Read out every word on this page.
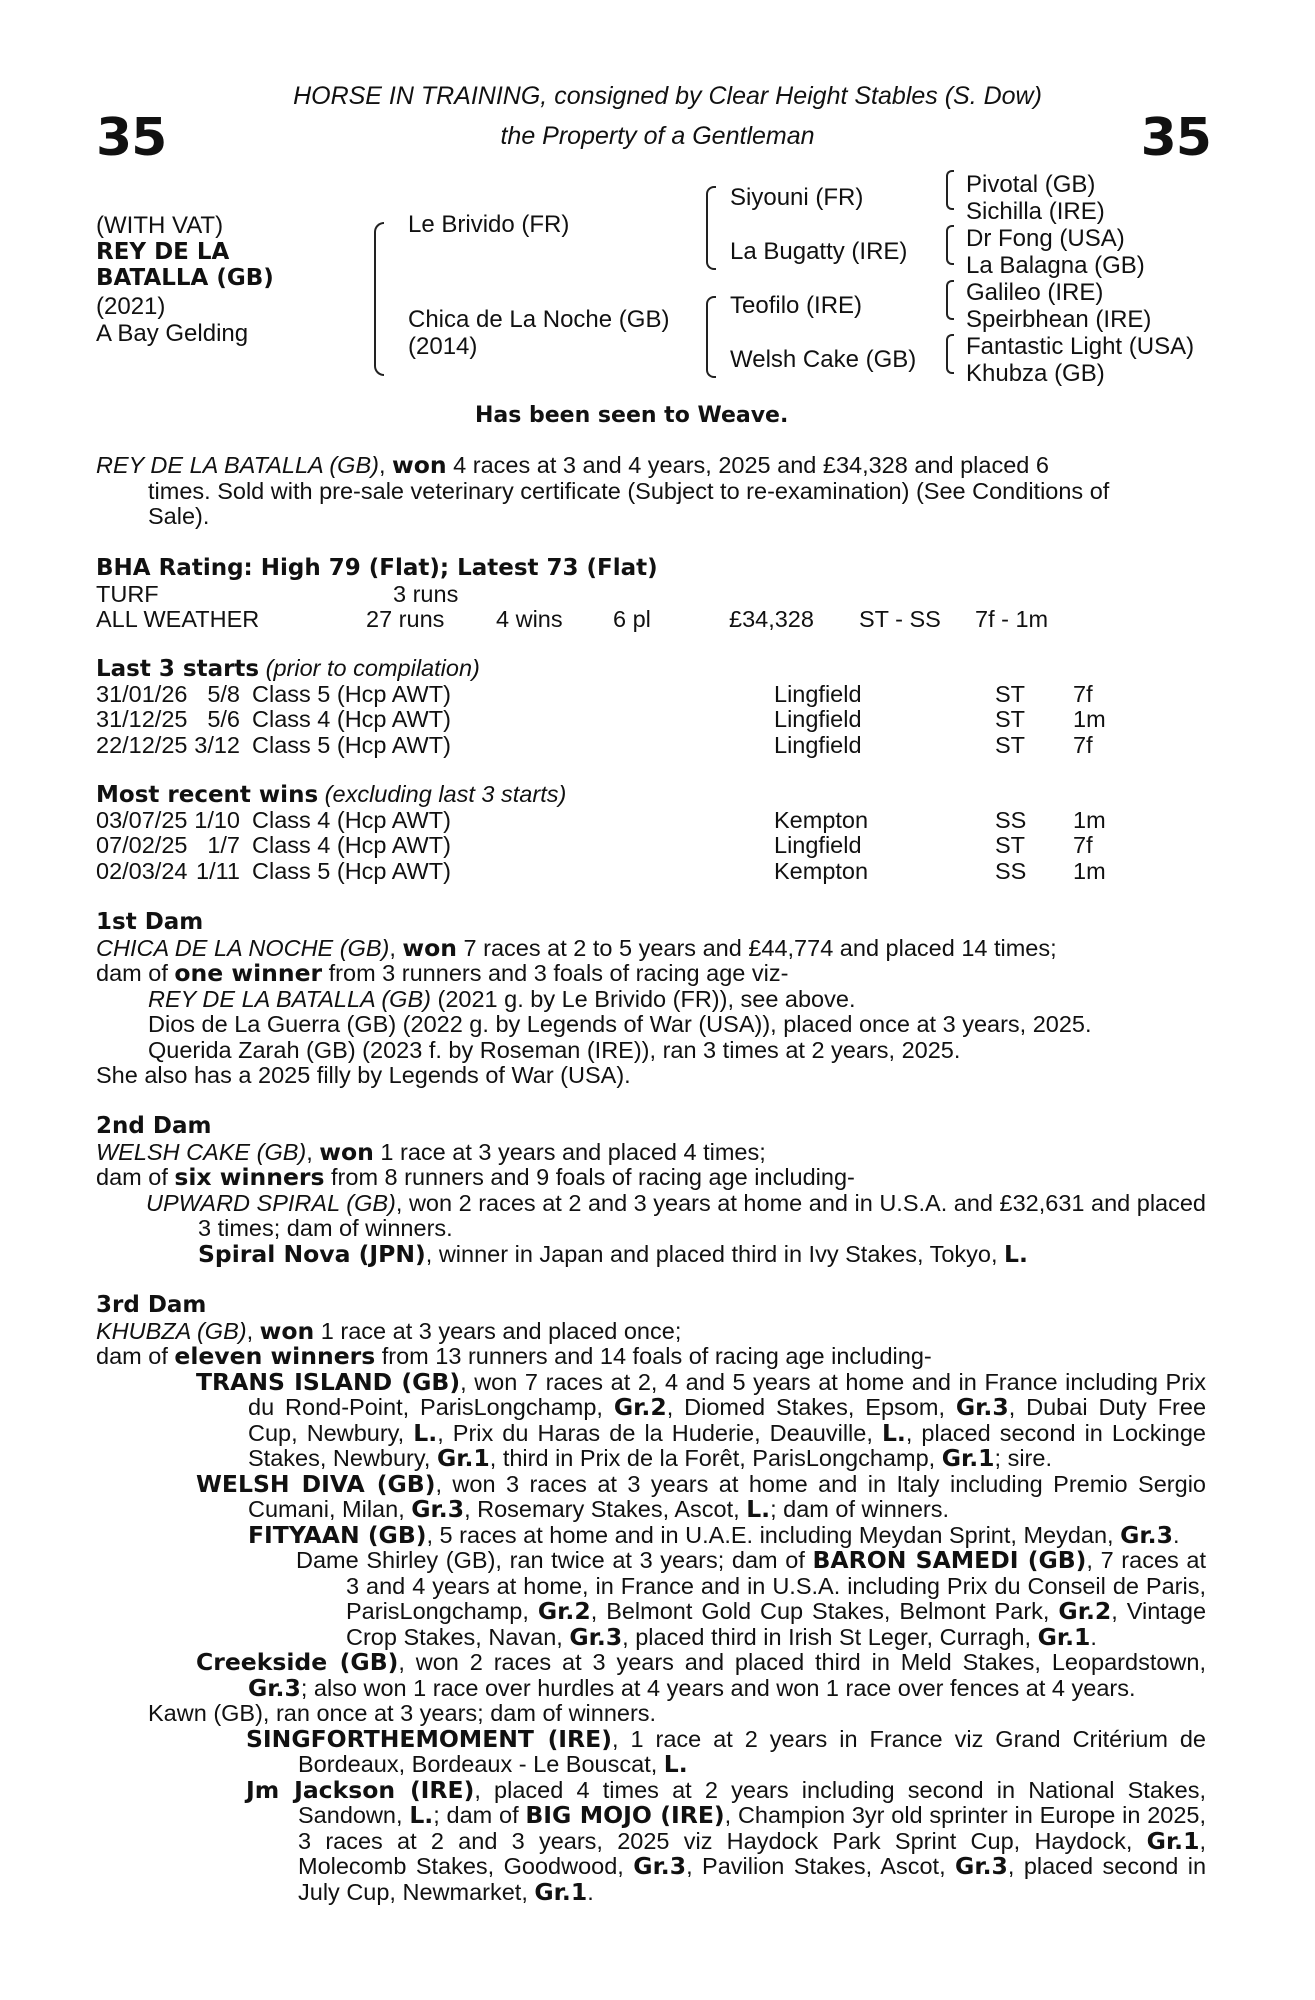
35	35
HORSE IN TRAINING, consigned by Clear Height Stables (S. Dow)
the Property of a Gentleman
(WITH VAT)
REY DE LA
BATALLA (GB)
(2021)
A Bay Gelding
Le Brivido (FR)
Chica de La Noche (GB)
(2014)
Siyouni (FR)
La Bugatty (IRE)
Teofilo (IRE)
Welsh Cake (GB)
Pivotal (GB)
Sichilla (IRE)
Dr Fong (USA)
La Balagna (GB)
Galileo (IRE)
Speirbhean (IRE)
Fantastic Light (USA)
Khubza (GB)
Has been seen to Weave.
REY DE LA BATALLA (GB), won 4 races at 3 and 4 years, 2025 and £34,328 and placed 6
times. Sold with pre-sale veterinary certificate (Subject to re-examination) (See Conditions of
Sale).
BHA Rating: High 79 (Flat); Latest 73 (Flat)
TURF	3 runs
ALL WEATHER	27 runs	4 wins	6 pl	£34,328	ST - SS	7f - 1m
Last 3 starts (prior to compilation)
31/01/26 5/8 Class 5 (Hcp AWT)	Lingfield	ST	7f
31/12/25 5/6 Class 4 (Hcp AWT)	Lingfield	ST	1m
22/12/25 3/12 Class 5 (Hcp AWT)	Lingfield	ST	7f
Most recent wins (excluding last 3 starts)
03/07/25 1/10 Class 4 (Hcp AWT)	Kempton	SS	1m
07/02/25 1/7 Class 4 (Hcp AWT)	Lingfield	ST	7f
02/03/24 1/11 Class 5 (Hcp AWT)	Kempton	SS	1m
1st Dam
CHICA DE LA NOCHE (GB), won 7 races at 2 to 5 years and £44,774 and placed 14 times;
dam of one winner from 3 runners and 3 foals of racing age viz-
REY DE LA BATALLA (GB) (2021 g. by Le Brivido (FR)), see above.
Dios de La Guerra (GB) (2022 g. by Legends of War (USA)), placed once at 3 years, 2025.
Querida Zarah (GB) (2023 f. by Roseman (IRE)), ran 3 times at 2 years, 2025.
She also has a 2025 filly by Legends of War (USA).
2nd Dam
WELSH CAKE (GB), won 1 race at 3 years and placed 4 times;
dam of six winners from 8 runners and 9 foals of racing age including-
UPWARD SPIRAL (GB), won 2 races at 2 and 3 years at home and in U.S.A. and £32,631 and placed 3 times; dam of winners.
Spiral Nova (JPN), winner in Japan and placed third in Ivy Stakes, Tokyo, L.
3rd Dam
KHUBZA (GB), won 1 race at 3 years and placed once;
dam of eleven winners from 13 runners and 14 foals of racing age including-
TRANS ISLAND (GB), won 7 races at 2, 4 and 5 years at home and in France including Prix du Rond-Point, ParisLongchamp, Gr.2, Diomed Stakes, Epsom, Gr.3, Dubai Duty Free Cup, Newbury, L., Prix du Haras de la Huderie, Deauville, L., placed second in Lockinge Stakes, Newbury, Gr.1, third in Prix de la Forêt, ParisLongchamp, Gr.1; sire.
WELSH DIVA (GB), won 3 races at 3 years at home and in Italy including Premio Sergio Cumani, Milan, Gr.3, Rosemary Stakes, Ascot, L.; dam of winners.
FITYAAN (GB), 5 races at home and in U.A.E. including Meydan Sprint, Meydan, Gr.3.
Dame Shirley (GB), ran twice at 3 years; dam of BARON SAMEDI (GB), 7 races at 3 and 4 years at home, in France and in U.S.A. including Prix du Conseil de Paris, ParisLongchamp, Gr.2, Belmont Gold Cup Stakes, Belmont Park, Gr.2, Vintage Crop Stakes, Navan, Gr.3, placed third in Irish St Leger, Curragh, Gr.1.
Creekside (GB), won 2 races at 3 years and placed third in Meld Stakes, Leopardstown, Gr.3; also won 1 race over hurdles at 4 years and won 1 race over fences at 4 years.
Kawn (GB), ran once at 3 years; dam of winners.
SINGFORTHEMOMENT (IRE), 1 race at 2 years in France viz Grand Critérium de Bordeaux, Bordeaux - Le Bouscat, L.
Jm Jackson (IRE), placed 4 times at 2 years including second in National Stakes, Sandown, L.; dam of BIG MOJO (IRE), Champion 3yr old sprinter in Europe in 2025, 3 races at 2 and 3 years, 2025 viz Haydock Park Sprint Cup, Haydock, Gr.1, Molecomb Stakes, Goodwood, Gr.3, Pavilion Stakes, Ascot, Gr.3, placed second in July Cup, Newmarket, Gr.1.
